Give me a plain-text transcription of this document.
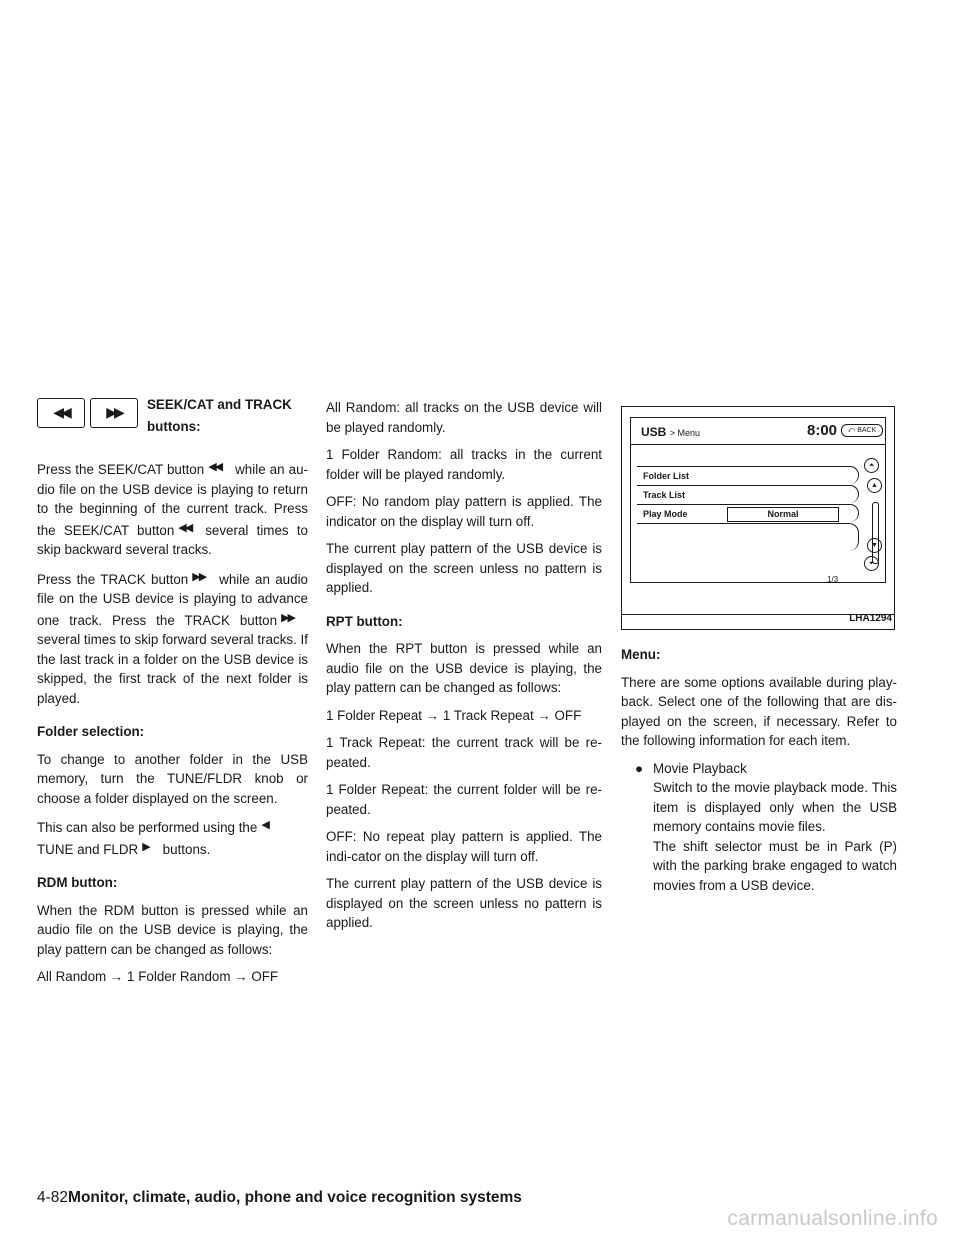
◀◀	▶▶	SEEK/CAT and TRACK
buttons:

Press the SEEK/CAT button ◀◀ while an au-dio file on the USB device is playing to return to the beginning of the current track. Press the SEEK/CAT button ◀◀ several times to skip backward several tracks.

Press the TRACK button ▶▶ while an audio file on the USB device is playing to advance one track. Press the TRACK button ▶▶several times to skip forward several tracks. If the last track in a folder on the USB device is skipped, the first track of the next folder is played.

Folder selection:

To change to another folder in the USB memory, turn the TUNE/FLDR knob or choose a folder displayed on the screen.

This can also be performed using the ◀
TUNE and FLDR ▶ buttons.

RDM button:

When the RDM button is pressed while an audio file on the USB device is playing, the play pattern can be changed as follows:

All Random → 1 Folder Random → OFF

All Random: all tracks on the USB device will be played randomly.

1 Folder Random: all tracks in the current folder will be played randomly.

OFF: No random play pattern is applied. The indicator on the display will turn off.

The current play pattern of the USB device is displayed on the screen unless no pattern is applied.

RPT button:

When the RPT button is pressed while an audio file on the USB device is playing, the play pattern can be changed as follows:

1 Folder Repeat → 1 Track Repeat → OFF

1 Track Repeat: the current track will be re-peated.

1 Folder Repeat: the current folder will be re-peated.

OFF: No repeat play pattern is applied. The indi-cator on the display will turn off.

The current play pattern of the USB device is displayed on the screen unless no pattern is applied.

USB > Menu	8:00	⤺ BACK
Folder List
Track List
Play Mode	Normal
⏶
▲
▼
⏷
1/3
LHA1294
Menu:

There are some options available during play-back. Select one of the following that are dis-played on the screen, if necessary. Refer to the following information for each item.

● Movie Playback

Switch to the movie playback mode. This item is displayed only when the USB memory contains movie files.

The shift selector must be in Park (P) with the parking brake engaged to watch movies from a USB device.

4-82Monitor, climate, audio, phone and voice recognition systems
carmanualsonline.info
